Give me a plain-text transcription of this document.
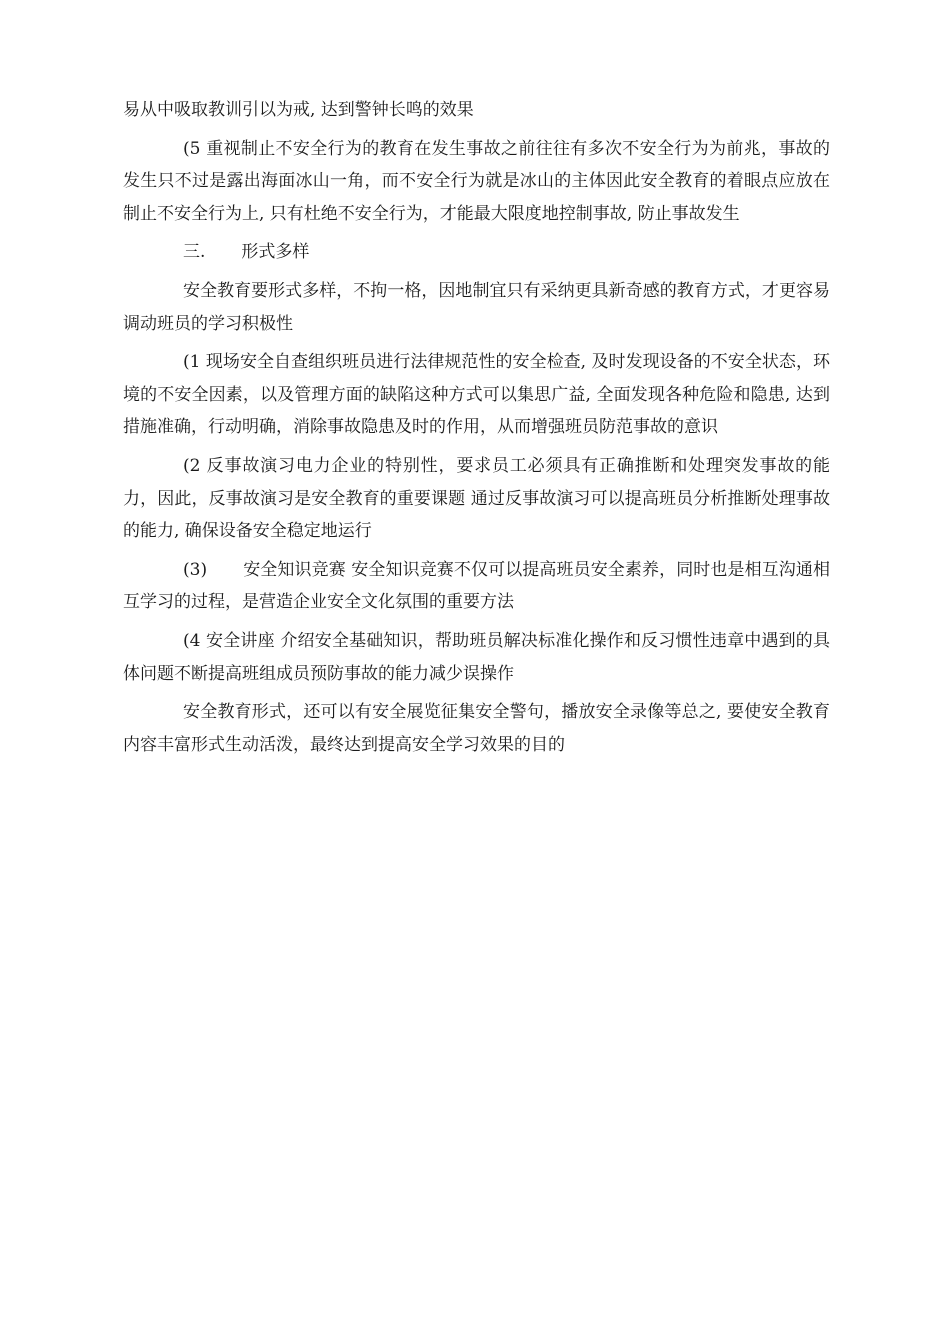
易从中吸取教训引以为戒, 达到警钟长鸣的效果

(5 重视制止不安全行为的教育在发生事故之前往往有多次不安全行为为前兆，事故的发生只不过是露出海面冰山一角，而不安全行为就是冰山的主体因此安全教育的着眼点应放在制止不安全行为上, 只有杜绝不安全行为，才能最大限度地控制事故, 防止事故发生

三. 形式多样

安全教育要形式多样，不拘一格，因地制宜只有采纳更具新奇感的教育方式，才更容易调动班员的学习积极性

(1 现场安全自查组织班员进行法律规范性的安全检查, 及时发现设备的不安全状态，环境的不安全因素，以及管理方面的缺陷这种方式可以集思广益, 全面发现各种危险和隐患, 达到措施准确，行动明确，消除事故隐患及时的作用，从而增强班员防范事故的意识

(2 反事故演习电力企业的特别性，要求员工必须具有正确推断和处理突发事故的能力，因此，反事故演习是安全教育的重要课题 通过反事故演习可以提高班员分析推断处理事故的能力, 确保设备安全稳定地运行

(3) 安全知识竞赛 安全知识竞赛不仅可以提高班员安全素养，同时也是相互沟通相互学习的过程，是营造企业安全文化氛围的重要方法

(4 安全讲座 介绍安全基础知识，帮助班员解决标准化操作和反习惯性违章中遇到的具体问题不断提高班组成员预防事故的能力减少误操作

安全教育形式，还可以有安全展览征集安全警句，播放安全录像等总之, 要使安全教育内容丰富形式生动活泼，最终达到提高安全学习效果的目的
